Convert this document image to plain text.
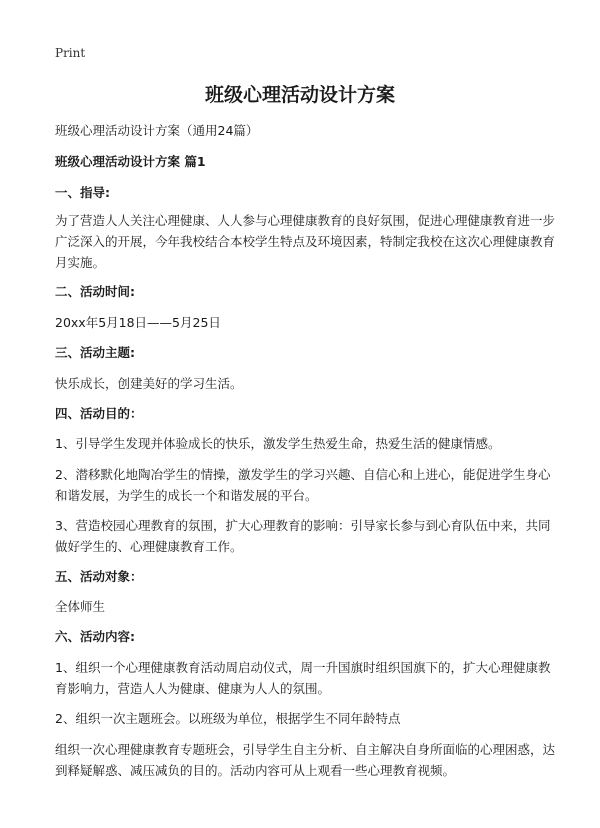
Print
班级心理活动设计方案
班级心理活动设计方案（通用24篇）
班级心理活动设计方案 篇1
一、指导:
为了营造人人关注心理健康、人人参与心理健康教育的良好氛围，促进心理健康教育进一步广泛深入的开展，今年我校结合本校学生特点及环境因素，特制定我校在这次心理健康教育月实施。
二、活动时间:
20xx年5月18日——5月25日
三、活动主题:
快乐成长，创建美好的学习生活。
四、活动目的：
1、引导学生发现并体验成长的快乐，激发学生热爱生命，热爱生活的健康情感。
2、潜移默化地陶冶学生的情操，激发学生的学习兴趣、自信心和上进心，能促进学生身心和谐发展，为学生的成长一个和谐发展的平台。
3、营造校园心理教育的氛围，扩大心理教育的影响：引导家长参与到心育队伍中来，共同做好学生的、心理健康教育工作。
五、活动对象：
全体师生
六、活动内容:
1、组织一个心理健康教育活动周启动仪式，周一升国旗时组织国旗下的，扩大心理健康教育影响力，营造人人为健康、健康为人人的氛围。
2、组织一次主题班会。以班级为单位，根据学生不同年龄特点
组织一次心理健康教育专题班会，引导学生自主分析、自主解决自身所面临的心理困惑，达到释疑解惑、减压减负的目的。活动内容可从上观看一些心理教育视频。
